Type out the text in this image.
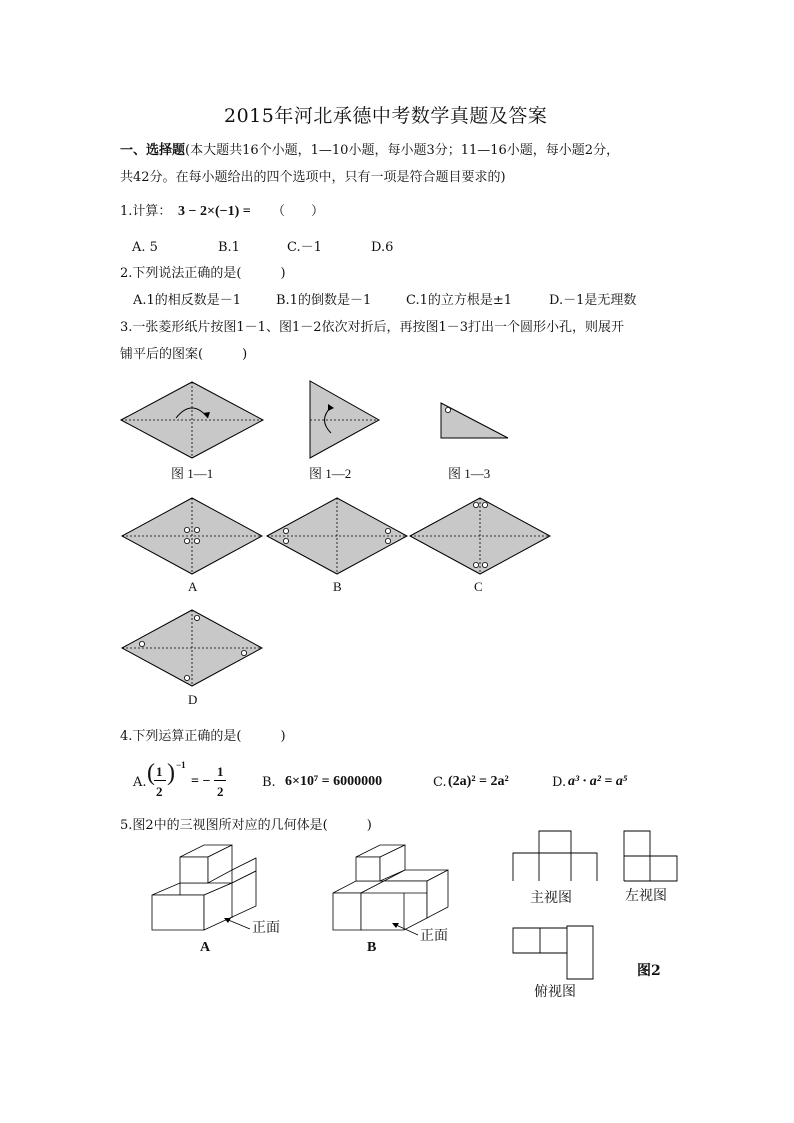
2015年河北承德中考数学真题及答案
一、选择题(本大题共16个小题，1—10小题，每小题3分；11—16小题，每小题2分，
共42分。在每小题给出的四个选项中，只有一项是符合题目要求的)
1.计算： 3 − 2×(−1) = （　　）
A. 5	B.1	C.－1	D.6
2.下列说法正确的是(　　　)
A.1的相反数是－1	B.1的倒数是－1	C.1的立方根是±1	D.－1是无理数
3.一张菱形纸片按图1－1、图1－2依次对折后，再按图1－3打出一个圆形小孔，则展开
铺平后的图案(　　　)
图 1—1	图 1—2	图 1—3
A	B	C
D
4.下列运算正确的是(　　　)
A. ( 1
2
) −1
= −
1
2
B. 6×10⁷ = 6000000	C. (2a)² = 2a²	D. a³ · a² = a⁵
5.图2中的三视图所对应的几何体是(　　　)
A	B
正面	正面
主视图	左视图
俯视图
图2
